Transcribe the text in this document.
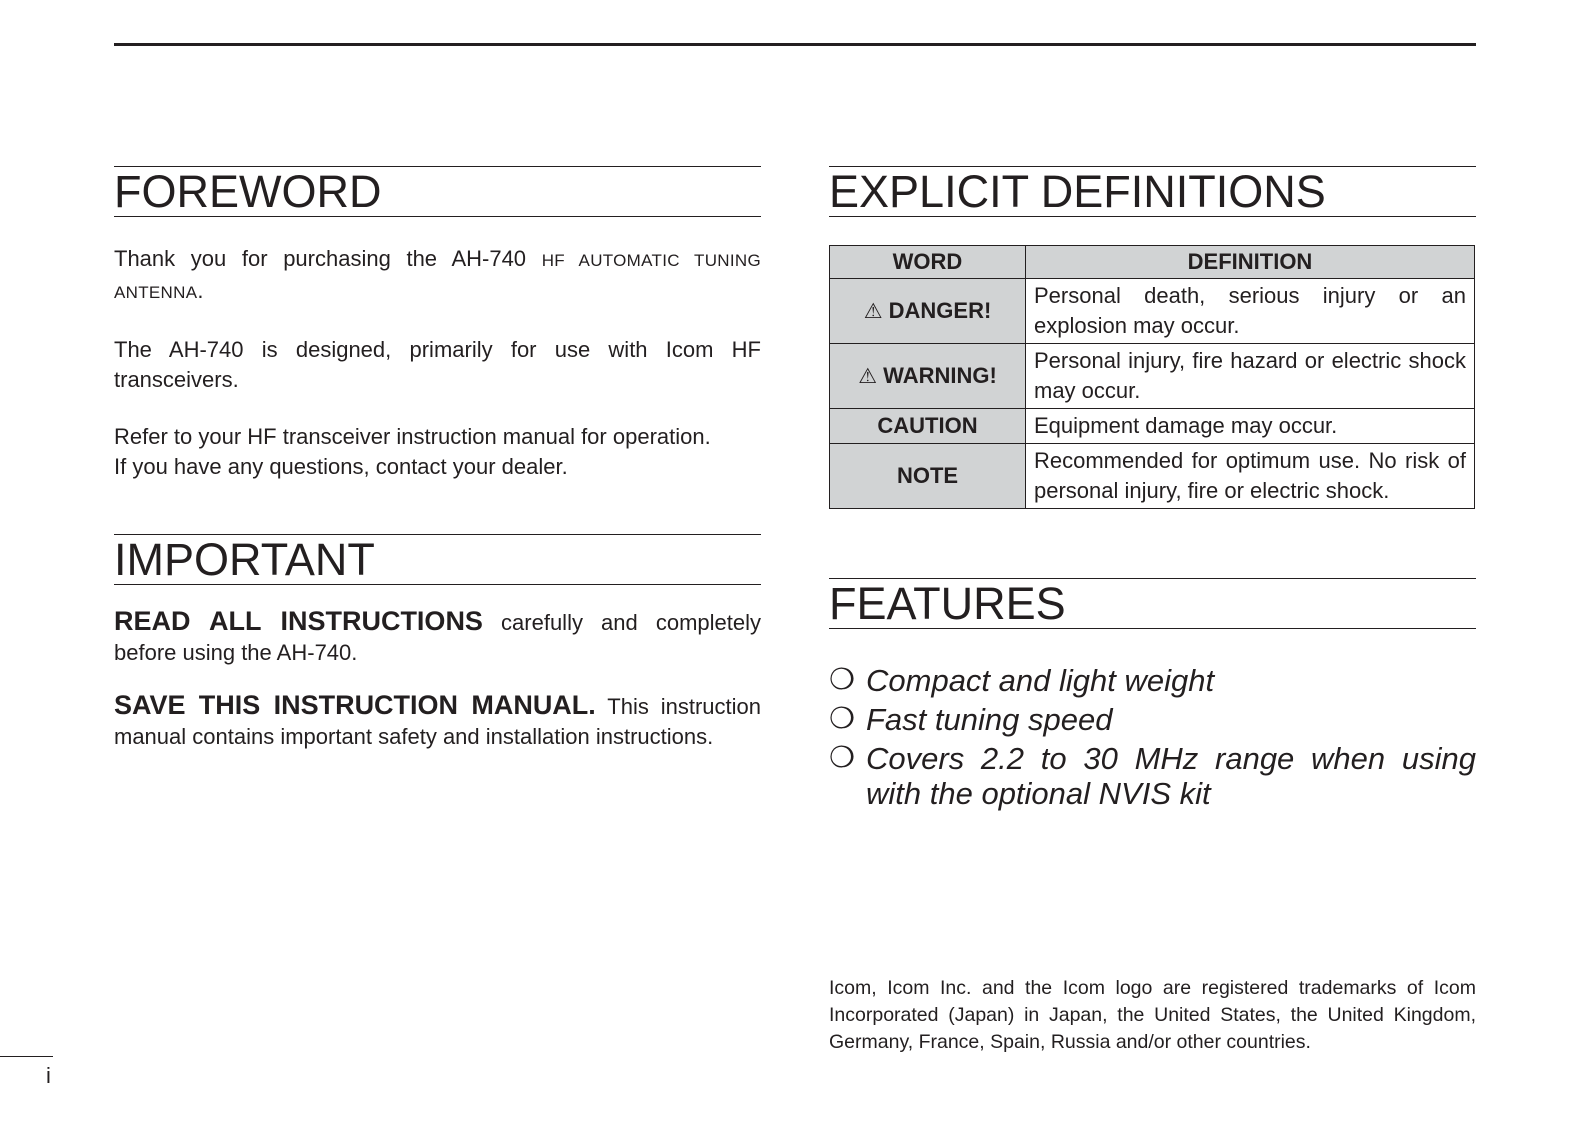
FOREWORD

Thank you for purchasing the AH-740 HF AUTOMATIC TUNING ANTENNA.

The AH-740 is designed, primarily for use with Icom HF transceivers.

Refer to your HF transceiver instruction manual for operation.
If you have any questions, contact your dealer.

IMPORTANT

READ ALL INSTRUCTIONS carefully and completely before using the AH-740.

SAVE THIS INSTRUCTION MANUAL. This instruction manual contains important safety and installation instructions.

EXPLICIT DEFINITIONS
WORD	DEFINITION
⚠ DANGER!	Personal death, serious injury or an explosion may occur.
⚠ WARNING!	Personal injury, fire hazard or electric shock may occur.
CAUTION	Equipment damage may occur.
NOTE	Recommended for optimum use. No risk of personal injury, fire or electric shock.
FEATURES
❍ Compact and light weight
❍ Fast tuning speed
❍ Covers 2.2 to 30 MHz range when using with the optional NVIS kit

Icom, Icom Inc. and the Icom logo are registered trademarks of Icom Incorporated (Japan) in Japan, the United States, the United Kingdom, Germany, France, Spain, Russia and/or other countries.

i
